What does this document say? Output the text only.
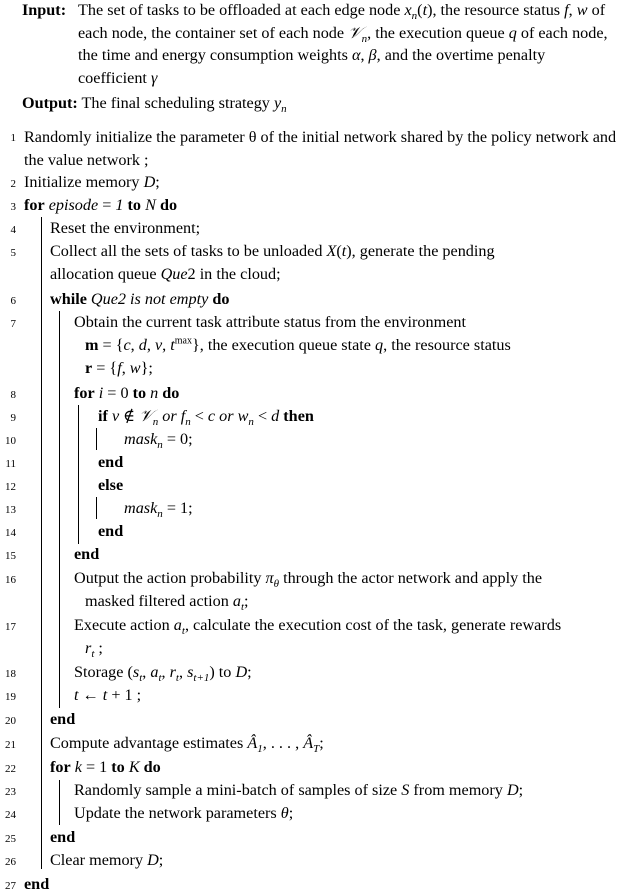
Input: The set of tasks to be offloaded at each edge node $x_n(t)$, the resource status f, w of each node, the container set of each node 𝒱$_n$, the execution queue q of each node, the time and energy consumption weights α, β, and the overtime penalty coefficient γ
Output: The final scheduling strategy $y_n$
1 Randomly initialize the parameter θ of the initial network shared by the policy network and the value network ;
2 Initialize memory D;
3 for episode = 1 to N do
4 Reset the environment;
5 Collect all the sets of tasks to be unloaded X(t), generate the pending
allocation queue Que2 in the cloud;
6 while Que2 is not empty do
7	Obtain the current task attribute status from the environment
m = {c, d, v, $t^{max}$}, the execution queue state q, the resource status
r = {f, w};
8	for i = 0 to n do
9	if v ∉ 𝒱$_n$ or $f_n < c$ or $w_n < d$ then
10	mask$_n$ = 0;
11	end
12	else
13	mask$_n$ = 1;
14	end
15	end
16	Output the action probability $\pi_\theta$ through the actor network and apply the
masked filtered action $a_t$;
17	Execute action $a_t$, calculate the execution cost of the task, generate rewards
$r_t$ ;
18	Storage ($s_t$, $a_t$, $r_t$, $s_{t+1}$) to D;
19	t ← t + 1 ;
20 end
21 Compute advantage estimates $Â_1$, . . . , $Â_T$;
22 for k = 1 to K do
23	Randomly sample a mini-batch of samples of size S from memory D;
24	Update the network parameters θ;
25 end
26 Clear memory D;
27 end
